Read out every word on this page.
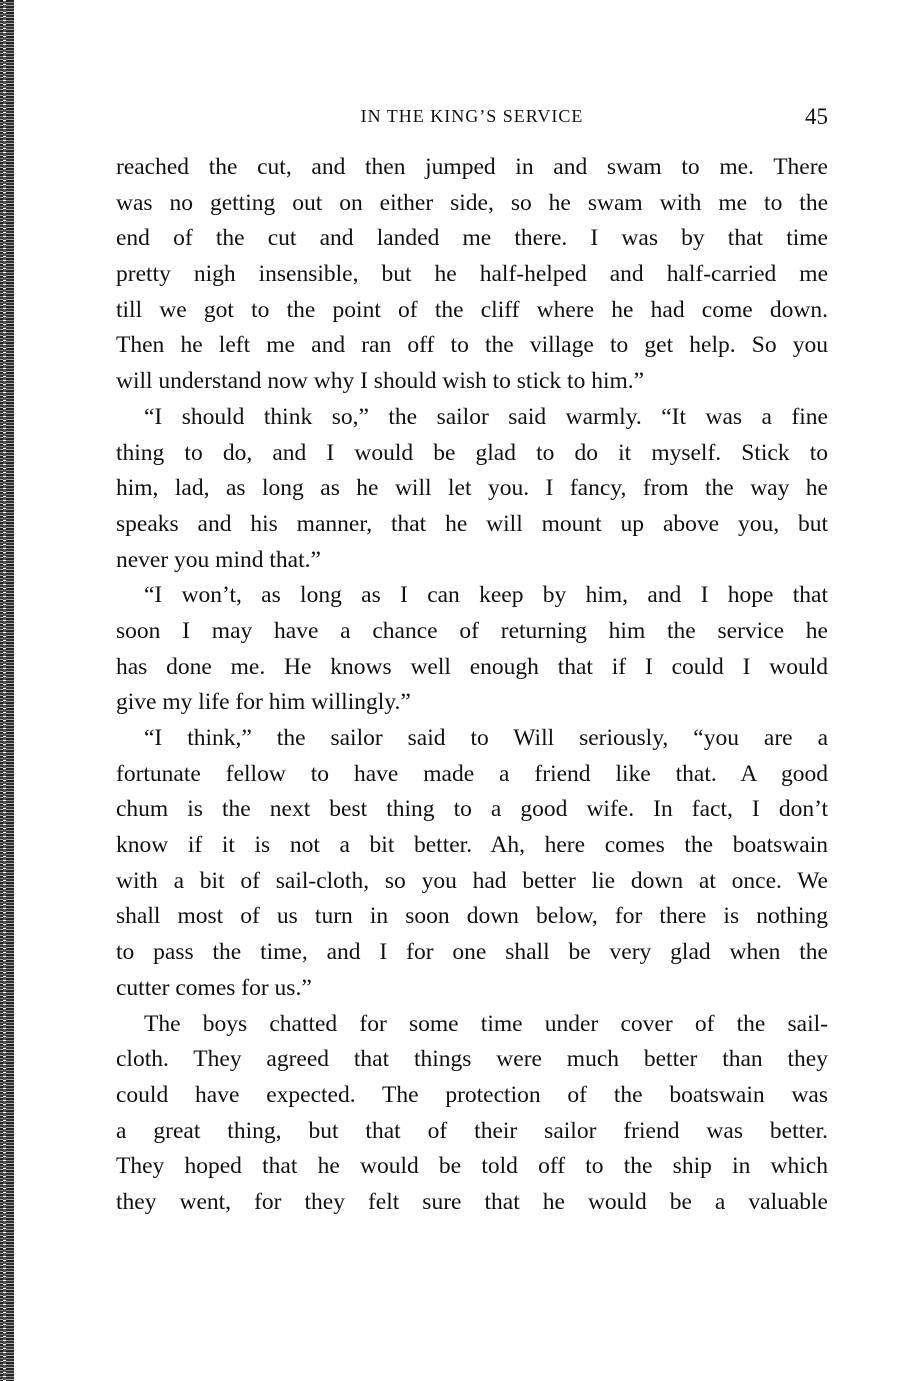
IN THE KING’S SERVICE	45
reached the cut, and then jumped in and swam to me. There
was no getting out on either side, so he swam with me to the
end of the cut and landed me there. I was by that time
pretty nigh insensible, but he half-helped and half-carried me
till we got to the point of the cliff where he had come down.
Then he left me and ran off to the village to get help. So you
will understand now why I should wish to stick to him.”
“I should think so,” the sailor said warmly. “It was a fine
thing to do, and I would be glad to do it myself. Stick to
him, lad, as long as he will let you. I fancy, from the way he
speaks and his manner, that he will mount up above you, but
never you mind that.”
“I won’t, as long as I can keep by him, and I hope that
soon I may have a chance of returning him the service he
has done me. He knows well enough that if I could I would
give my life for him willingly.”
“I think,” the sailor said to Will seriously, “you are a
fortunate fellow to have made a friend like that. A good
chum is the next best thing to a good wife. In fact, I don’t
know if it is not a bit better. Ah, here comes the boatswain
with a bit of sail-cloth, so you had better lie down at once. We
shall most of us turn in soon down below, for there is nothing
to pass the time, and I for one shall be very glad when the
cutter comes for us.”
The boys chatted for some time under cover of the sail-
cloth. They agreed that things were much better than they
could have expected. The protection of the boatswain was
a great thing, but that of their sailor friend was better.
They hoped that he would be told off to the ship in which
they went, for they felt sure that he would be a valuable
